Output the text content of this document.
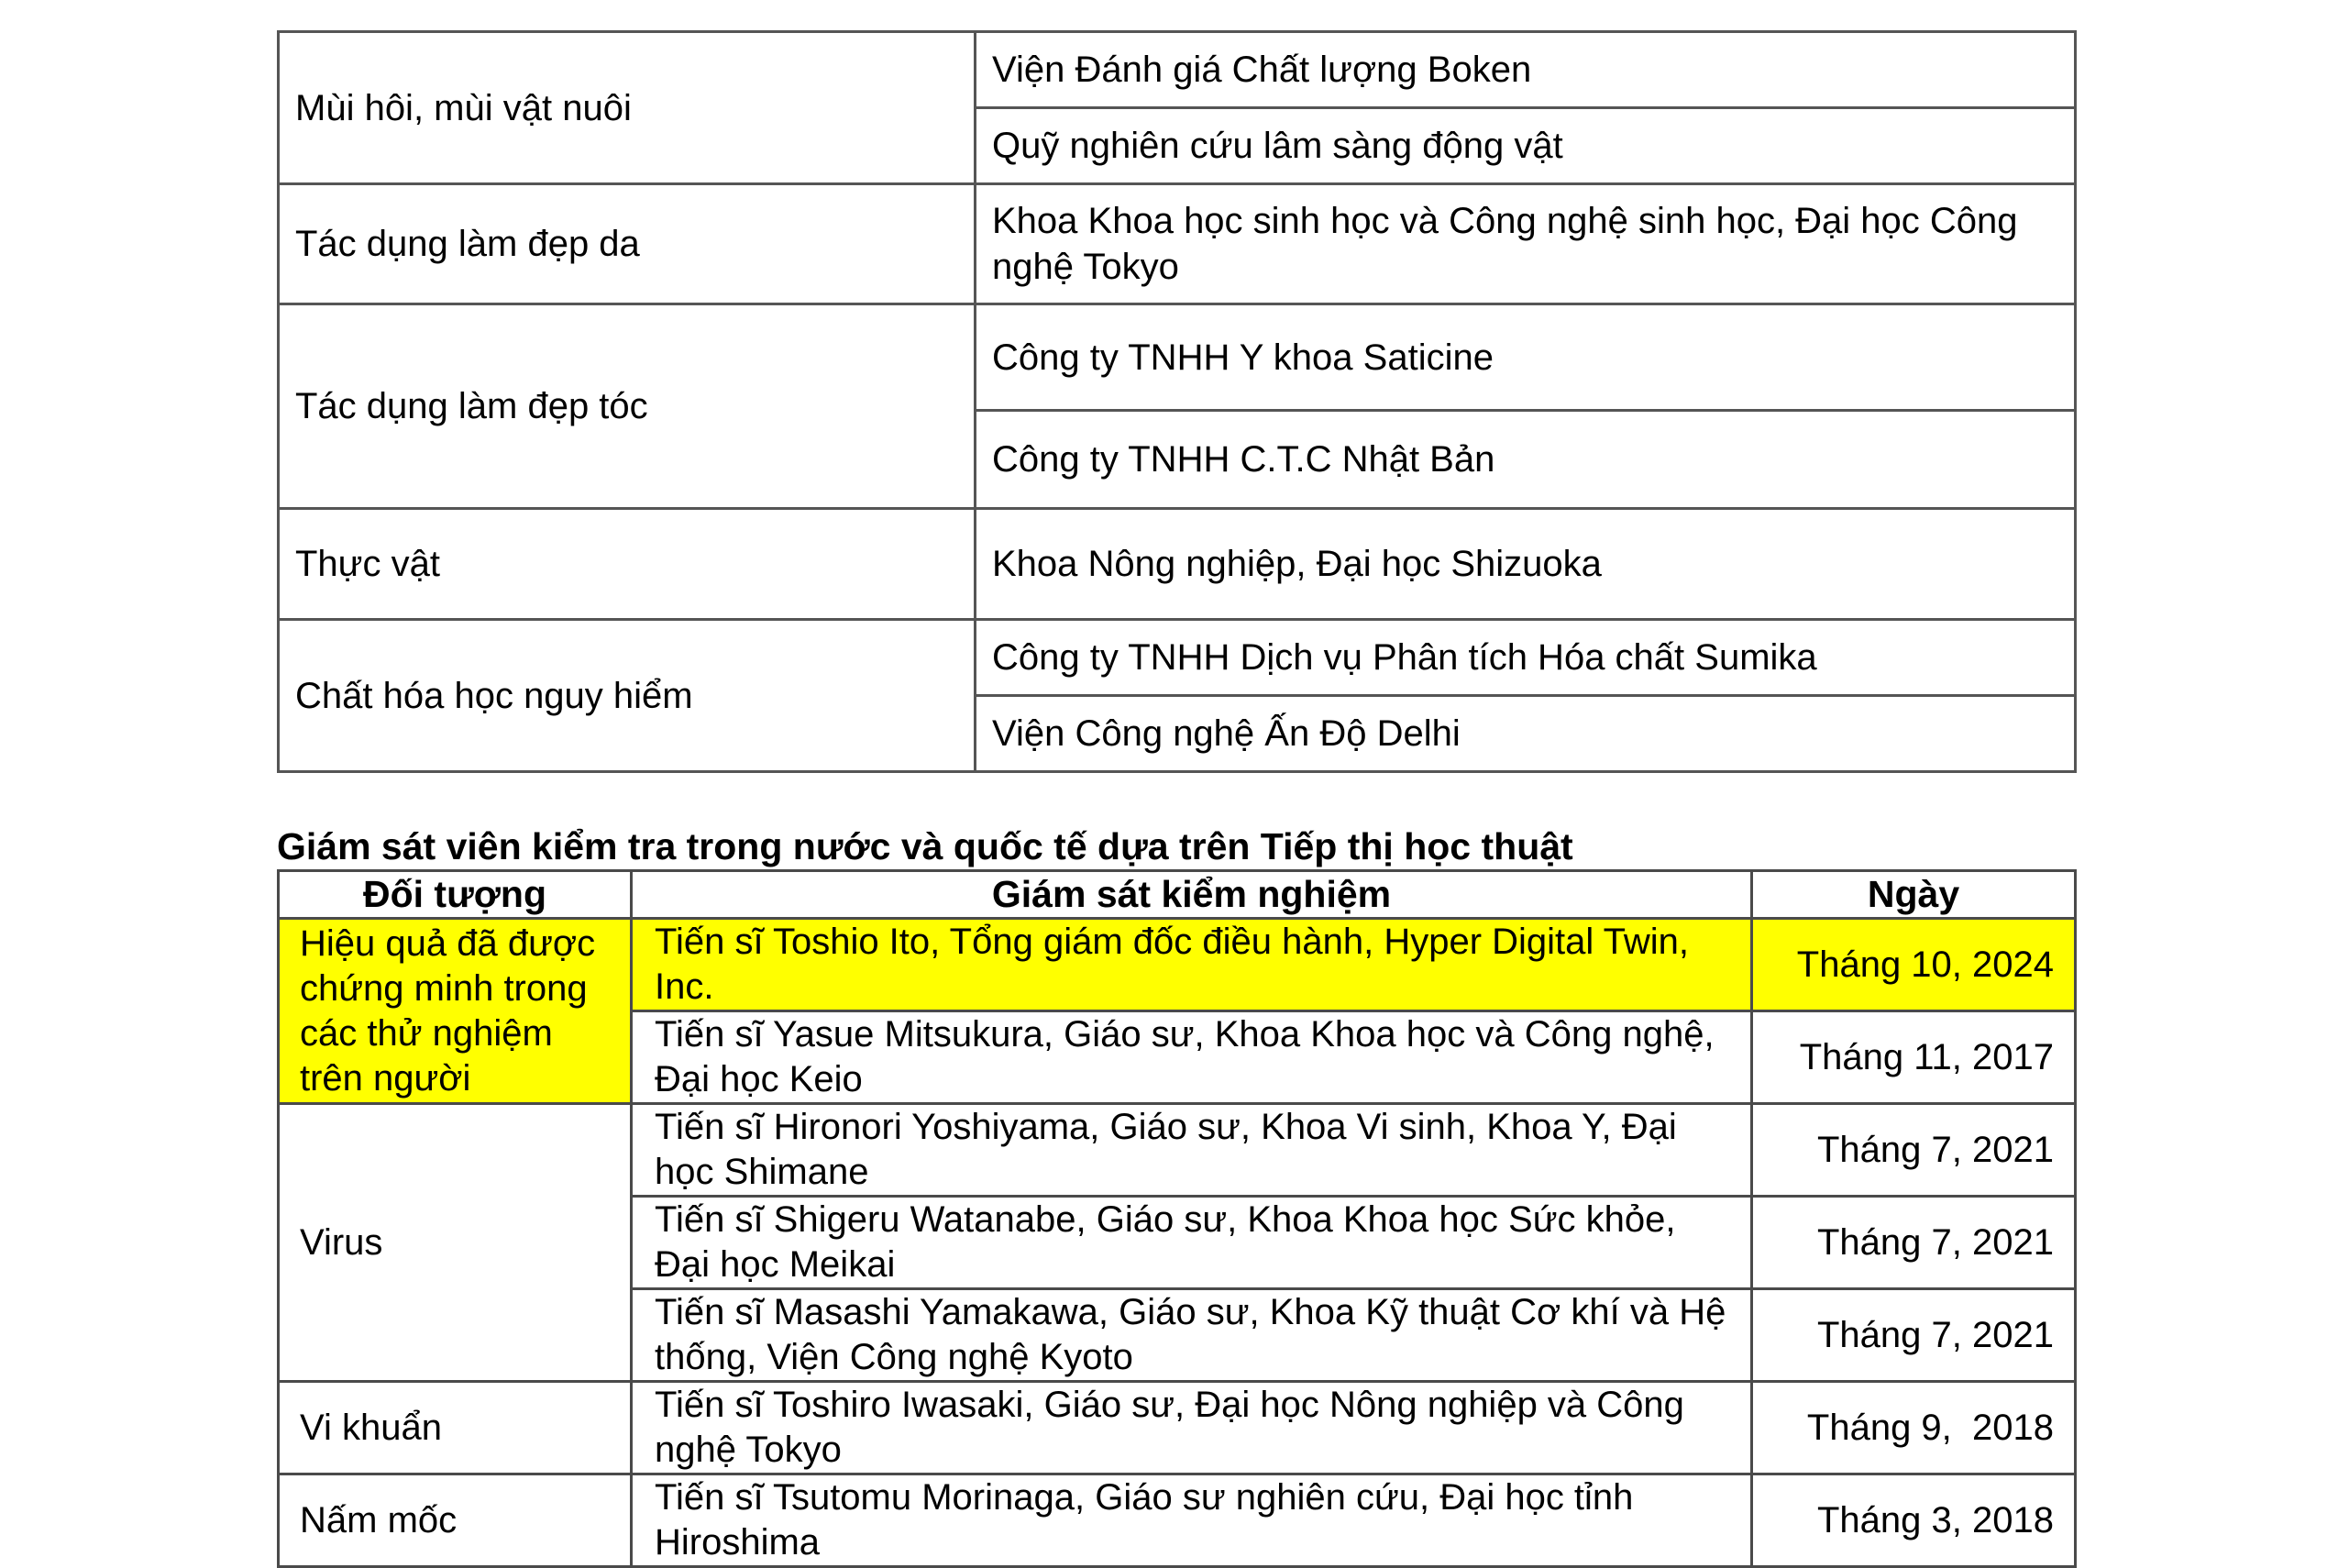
Mùi hôi, mùi vật nuôi	Viện Đánh giá Chất lượng Boken
	Quỹ nghiên cứu lâm sàng động vật
Tác dụng làm đẹp da	Khoa Khoa học sinh học và Công nghệ sinh học, Đại học Công nghệ Tokyo
Tác dụng làm đẹp tóc	Công ty TNHH Y khoa Saticine
	Công ty TNHH C.T.C Nhật Bản
Thực vật	Khoa Nông nghiệp, Đại học Shizuoka
Chất hóa học nguy hiểm	Công ty TNHH Dịch vụ Phân tích Hóa chất Sumika
	Viện Công nghệ Ấn Độ Delhi
Giám sát viên kiểm tra trong nước và quốc tế dựa trên Tiếp thị học thuật
Đối tượng	Giám sát kiểm nghiệm	Ngày
Hiệu quả đã được chứng minh trong các thử nghiệm trên người	Tiến sĩ Toshio Ito, Tổng giám đốc điều hành, Hyper Digital Twin, Inc.	Tháng 10, 2024
	Tiến sĩ Yasue Mitsukura, Giáo sư, Khoa Khoa học và Công nghệ, Đại học Keio	Tháng 11, 2017
Virus	Tiến sĩ Hironori Yoshiyama, Giáo sư, Khoa Vi sinh, Khoa Y, Đại học Shimane	Tháng 7, 2021
	Tiến sĩ Shigeru Watanabe, Giáo sư, Khoa Khoa học Sức khỏe, Đại học Meikai	Tháng 7, 2021
	Tiến sĩ Masashi Yamakawa, Giáo sư, Khoa Kỹ thuật Cơ khí và Hệ thống, Viện Công nghệ Kyoto	Tháng 7, 2021
Vi khuẩn	Tiến sĩ Toshiro Iwasaki, Giáo sư, Đại học Nông nghiệp và Công nghệ Tokyo	Tháng 9,  2018
Nấm mốc	Tiến sĩ Tsutomu Morinaga, Giáo sư nghiên cứu, Đại học tỉnh Hiroshima	Tháng 3, 2018
